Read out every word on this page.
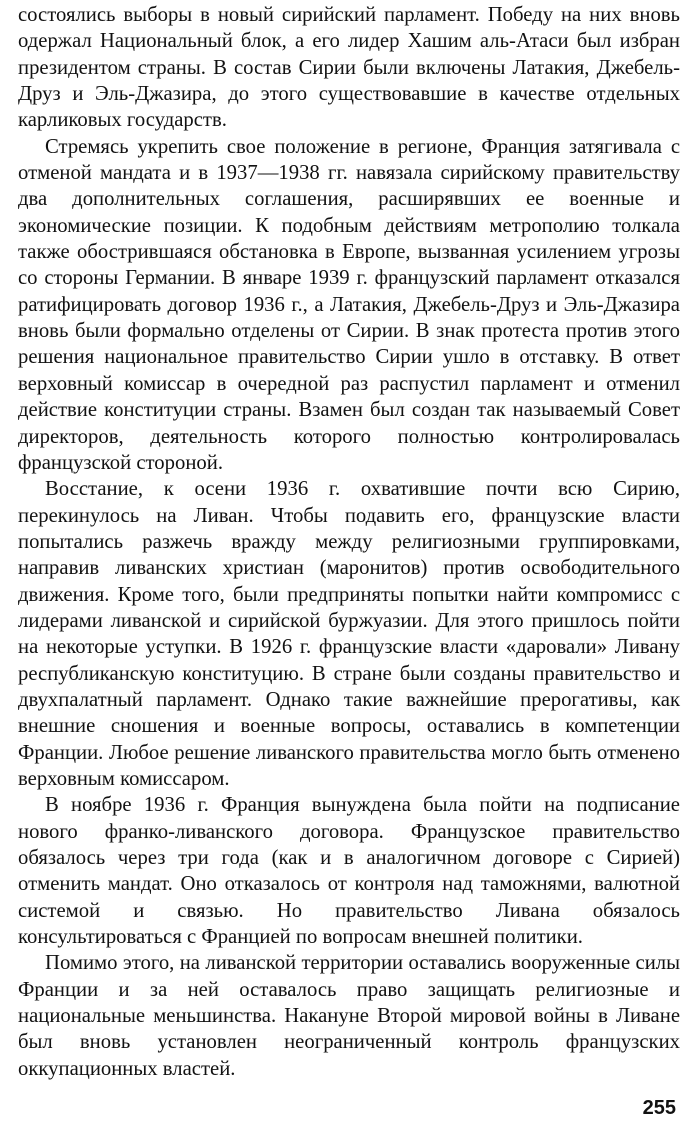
состоялись выборы в новый сирийский парламент. Победу на них вновь одержал Национальный блок, а его лидер Хашим аль-Атаси был избран президентом страны. В состав Сирии были включены Латакия, Джебель-Друз и Эль-Джазира, до этого существовавшие в качестве отдельных карликовых государств.

Стремясь укрепить свое положение в регионе, Франция затягивала с отменой мандата и в 1937—1938 гг. навязала сирийскому правительству два дополнительных соглашения, расширявших ее военные и экономические позиции. К подобным действиям метрополию толкала также обострившаяся обстановка в Европе, вызванная усилением угрозы со стороны Германии. В январе 1939 г. французский парламент отказался ратифицировать договор 1936 г., а Латакия, Джебель-Друз и Эль-Джазира вновь были формально отделены от Сирии. В знак протеста против этого решения национальное правительство Сирии ушло в отставку. В ответ верховный комиссар в очередной раз распустил парламент и отменил действие конституции страны. Взамен был создан так называемый Совет директоров, деятельность которого полностью контролировалась французской стороной.

Восстание, к осени 1936 г. охватившие почти всю Сирию, перекинулось на Ливан. Чтобы подавить его, французские власти попытались разжечь вражду между религиозными группировками, направив ливанских христиан (маронитов) против освободительного движения. Кроме того, были предприняты попытки найти компромисс с лидерами ливанской и сирийской буржуазии. Для этого пришлось пойти на некоторые уступки. В 1926 г. французские власти «даровали» Ливану республиканскую конституцию. В стране были созданы правительство и двухпалатный парламент. Однако такие важнейшие прерогативы, как внешние сношения и военные вопросы, оставались в компетенции Франции. Любое решение ливанского правительства могло быть отменено верховным комиссаром.

В ноябре 1936 г. Франция вынуждена была пойти на подписание нового франко-ливанского договора. Французское правительство обязалось через три года (как и в аналогичном договоре с Сирией) отменить мандат. Оно отказалось от контроля над таможнями, валютной системой и связью. Но правительство Ливана обязалось консультироваться с Францией по вопросам внешней политики.

Помимо этого, на ливанской территории оставались вооруженные силы Франции и за ней оставалось право защищать религиозные и национальные меньшинства. Накануне Второй мировой войны в Ливане был вновь установлен неограниченный контроль французских оккупационных властей.

255
